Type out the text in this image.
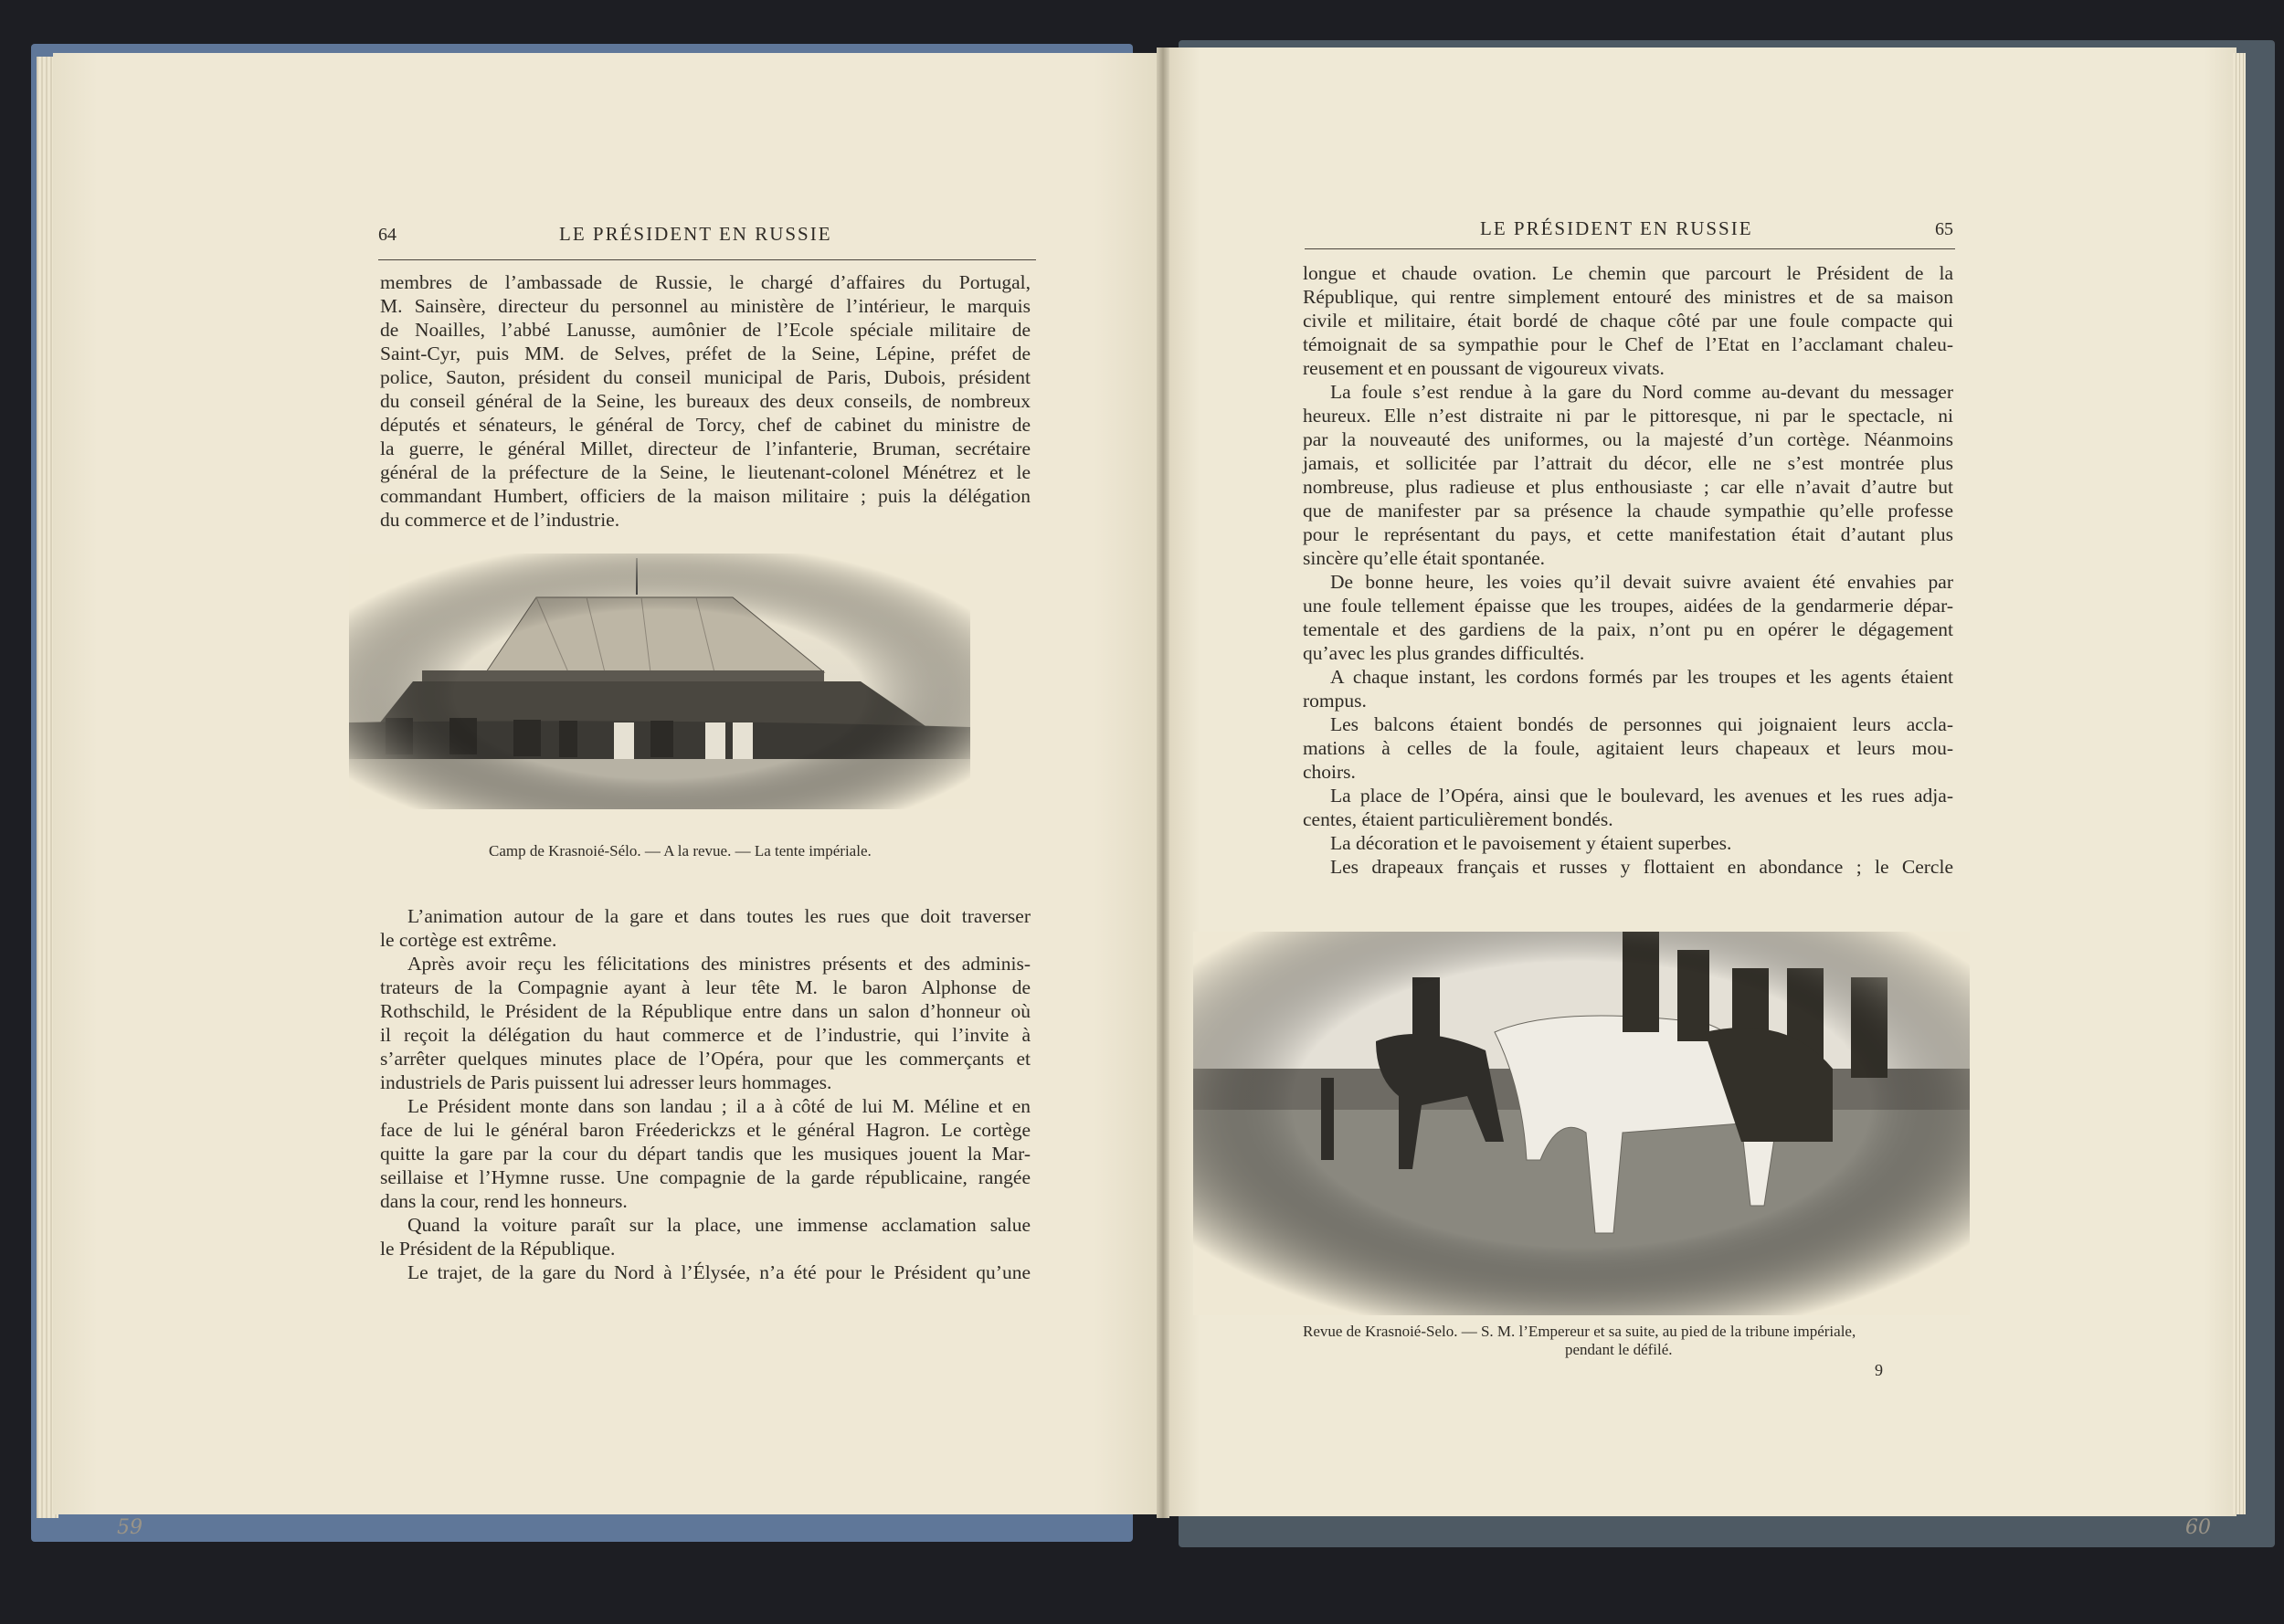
64	LE PRÉSIDENT EN RUSSIE
membres de l’ambassade de Russie, le chargé d’affaires du Portugal,
M. Sainsère, directeur du personnel au ministère de l’intérieur, le marquis
de Noailles, l’abbé Lanusse, aumônier de l’Ecole spéciale militaire de
Saint-Cyr, puis MM. de Selves, préfet de la Seine, Lépine, préfet de
police, Sauton, président du conseil municipal de Paris, Dubois, président
du conseil général de la Seine, les bureaux des deux conseils, de nombreux
députés et sénateurs, le général de Torcy, chef de cabinet du ministre de
la guerre, le général Millet, directeur de l’infanterie, Bruman, secrétaire
général de la préfecture de la Seine, le lieutenant-colonel Ménétrez et le
commandant Humbert, officiers de la maison militaire ; puis la délégation
du commerce et de l’industrie.
Camp de Krasnoié-Sélo. — A la revue. — La tente impériale.
L’animation autour de la gare et dans toutes les rues que doit traverser
le cortège est extrême.
Après avoir reçu les félicitations des ministres présents et des adminis-
trateurs de la Compagnie ayant à leur tête M. le baron Alphonse de
Rothschild, le Président de la République entre dans un salon d’honneur où
il reçoit la délégation du haut commerce et de l’industrie, qui l’invite à
s’arrêter quelques minutes place de l’Opéra, pour que les commerçants et
industriels de Paris puissent lui adresser leurs hommages.
Le Président monte dans son landau ; il a à côté de lui M. Méline et en
face de lui le général baron Fréederickzs et le général Hagron. Le cortège
quitte la gare par la cour du départ tandis que les musiques jouent la Mar-
seillaise et l’Hymne russe. Une compagnie de la garde républicaine, rangée
dans la cour, rend les honneurs.
Quand la voiture paraît sur la place, une immense acclamation salue
le Président de la République.
Le trajet, de la gare du Nord à l’Élysée, n’a été pour le Président qu’une
59
LE PRÉSIDENT EN RUSSIE	65
longue et chaude ovation. Le chemin que parcourt le Président de la
République, qui rentre simplement entouré des ministres et de sa maison
civile et militaire, était bordé de chaque côté par une foule compacte qui
témoignait de sa sympathie pour le Chef de l’Etat en l’acclamant chaleu-
reusement et en poussant de vigoureux vivats.
La foule s’est rendue à la gare du Nord comme au-devant du messager
heureux. Elle n’est distraite ni par le pittoresque, ni par le spectacle, ni
par la nouveauté des uniformes, ou la majesté d’un cortège. Néanmoins
jamais, et sollicitée par l’attrait du décor, elle ne s’est montrée plus
nombreuse, plus radieuse et plus enthousiaste ; car elle n’avait d’autre but
que de manifester par sa présence la chaude sympathie qu’elle professe
pour le représentant du pays, et cette manifestation était d’autant plus
sincère qu’elle était spontanée.
De bonne heure, les voies qu’il devait suivre avaient été envahies par
une foule tellement épaisse que les troupes, aidées de la gendarmerie dépar-
tementale et des gardiens de la paix, n’ont pu en opérer le dégagement
qu’avec les plus grandes difficultés.
A chaque instant, les cordons formés par les troupes et les agents étaient
rompus.
Les balcons étaient bondés de personnes qui joignaient leurs accla-
mations à celles de la foule, agitaient leurs chapeaux et leurs mou-
choirs.
La place de l’Opéra, ainsi que le boulevard, les avenues et les rues adja-
centes, étaient particulièrement bondés.
La décoration et le pavoisement y étaient superbes.
Les drapeaux français et russes y flottaient en abondance ; le Cercle
Revue de Krasnoié-Selo. — S. M. l’Empereur et sa suite, au pied de la tribune impériale,
pendant le défilé.
9
60
